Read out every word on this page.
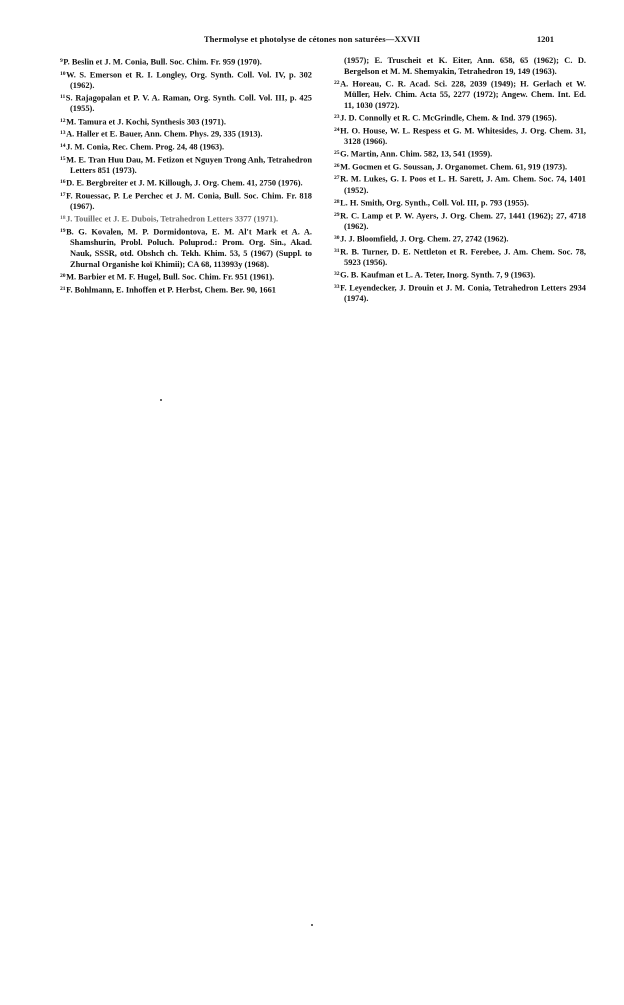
Thermolyse et photolyse de cétones non saturées—XXVII	1201

$^9$P. Beslin et J. M. Conia, Bull. Soc. Chim. Fr. 959 (1970).

$^{10}$W. S. Emerson et R. I. Longley, Org. Synth. Coll. Vol. IV, p. 302 (1962).

$^{11}$S. Rajagopalan et P. V. A. Raman, Org. Synth. Coll. Vol. III, p. 425 (1955).

$^{12}$M. Tamura et J. Kochi, Synthesis 303 (1971).

$^{13}$A. Haller et E. Bauer, Ann. Chem. Phys. 29, 335 (1913).

$^{14}$J. M. Conia, Rec. Chem. Prog. 24, 48 (1963).

$^{15}$M. E. Tran Huu Dau, M. Fetizon et Nguyen Trong Anh, Tetrahedron Letters 851 (1973).

$^{16}$D. E. Bergbreiter et J. M. Killough, J. Org. Chem. 41, 2750 (1976).

$^{17}$F. Rouessac, P. Le Perchec et J. M. Conia, Bull. Soc. Chim. Fr. 818 (1967).

$^{18}$J. Touillec et J. E. Dubois, Tetrahedron Letters 3377 (1971).

$^{19}$B. G. Kovalen, M. P. Dormidontova, E. M. Al't Mark et A. A. Shamshurin, Probl. Poluch. Poluprod.: Prom. Org. Sin., Akad. Nauk, SSSR, otd. Obshch ch. Tekh. Khim. 53, 5 (1967) (Suppl. to Zhurnal Organishe koï Khimii); CA 68, 113993y (1968).

$^{20}$M. Barbier et M. F. Hugel, Bull. Soc. Chim. Fr. 951 (1961).

$^{21}$F. Bohlmann, E. Inhoffen et P. Herbst, Chem. Ber. 90, 1661

(1957); E. Truscheit et K. Eiter, Ann. 658, 65 (1962); C. D. Bergelson et M. M. Shemyakin, Tetrahedron 19, 149 (1963).

$^{22}$A. Horeau, C. R. Acad. Sci. 228, 2039 (1949); H. Gerlach et W. Müller, Helv. Chim. Acta 55, 2277 (1972); Angew. Chem. Int. Ed. 11, 1030 (1972).

$^{23}$J. D. Connolly et R. C. McGrindle, Chem. & Ind. 379 (1965).

$^{24}$H. O. House, W. L. Respess et G. M. Whitesides, J. Org. Chem. 31, 3128 (1966).

$^{25}$G. Martin, Ann. Chim. 582, 13, 541 (1959).

$^{26}$M. Gocmen et G. Soussan, J. Organomet. Chem. 61, 919 (1973).

$^{27}$R. M. Lukes, G. I. Poos et L. H. Sarett, J. Am. Chem. Soc. 74, 1401 (1952).

$^{28}$L. H. Smith, Org. Synth., Coll. Vol. III, p. 793 (1955).

$^{29}$R. C. Lamp et P. W. Ayers, J. Org. Chem. 27, 1441 (1962); 27, 4718 (1962).

$^{30}$J. J. Bloomfield, J. Org. Chem. 27, 2742 (1962).

$^{31}$R. B. Turner, D. E. Nettleton et R. Ferebee, J. Am. Chem. Soc. 78, 5923 (1956).

$^{32}$G. B. Kaufman et L. A. Teter, Inorg. Synth. 7, 9 (1963).

$^{33}$F. Leyendecker, J. Drouin et J. M. Conia, Tetrahedron Letters 2934 (1974).
